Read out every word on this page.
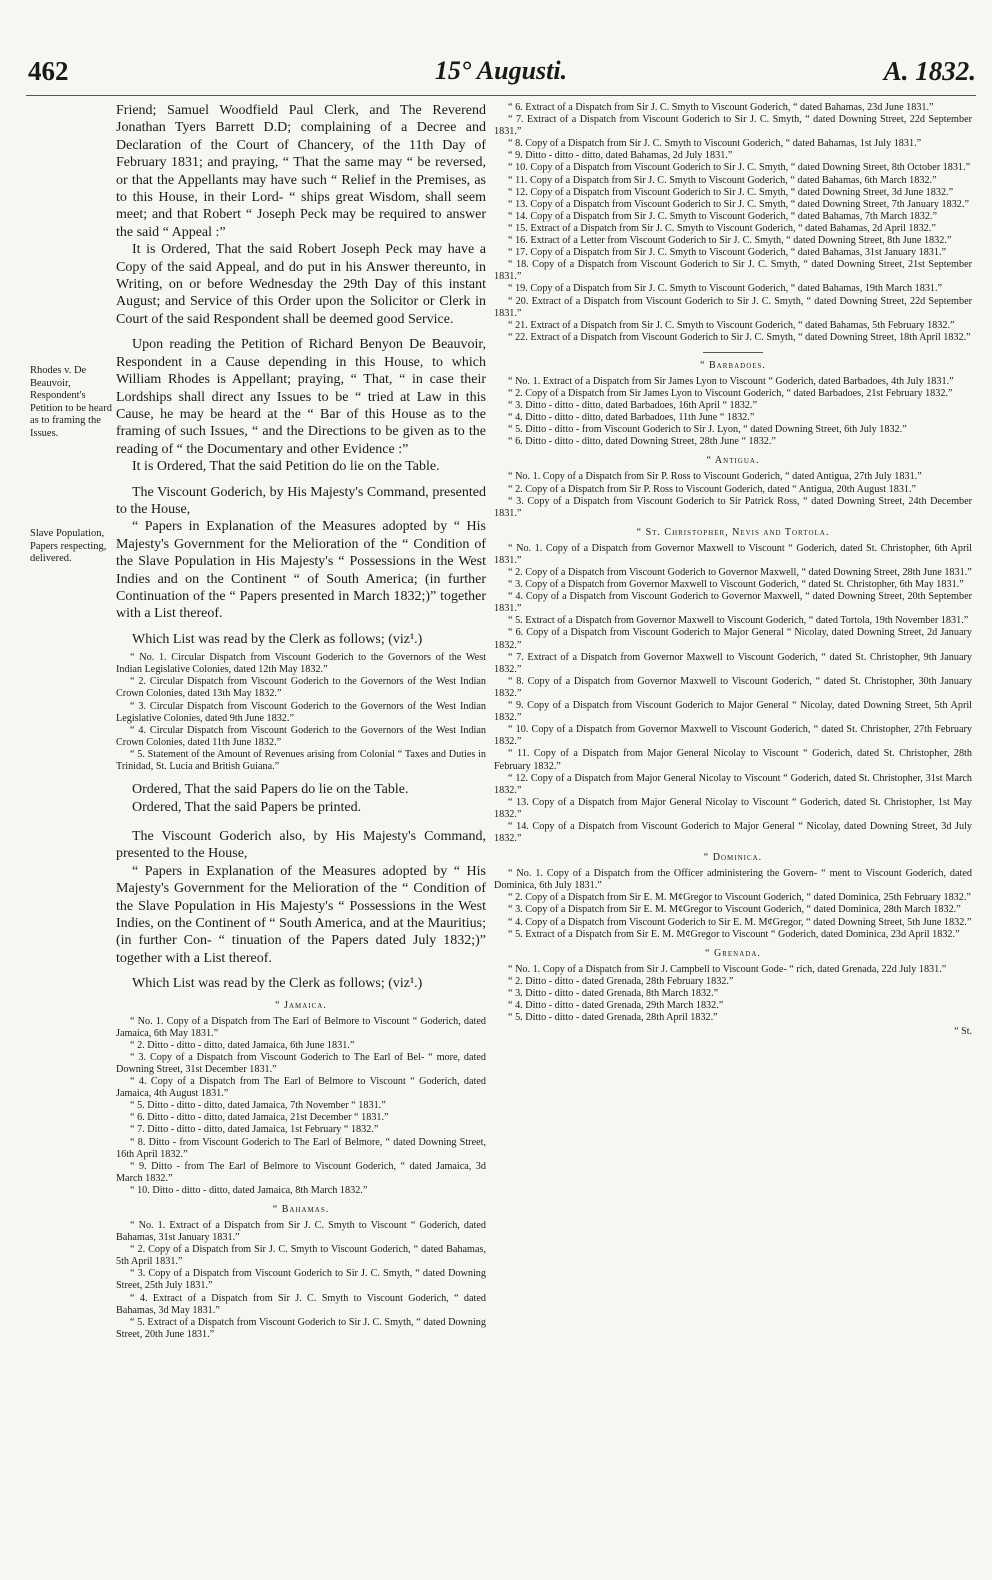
462	15° Augusti.	A. 1832.
Rhodes v. De Beauvoir, Respondent's Petition to be heard as to framing the Issues.
Slave Population, Papers respecting, delivered.

Friend; Samuel Woodfield Paul Clerk, and The Reverend Jonathan Tyers Barrett D.D; complaining of a Decree and Declaration of the Court of Chancery, of the 11th Day of February 1831; and praying, “ That the same may “ be reversed, or that the Appellants may have such “ Relief in the Premises, as to this House, in their Lord- “ ships great Wisdom, shall seem meet; and that Robert “ Joseph Peck may be required to answer the said “ Appeal :”

It is Ordered, That the said Robert Joseph Peck may have a Copy of the said Appeal, and do put in his Answer thereunto, in Writing, on or before Wednesday the 29th Day of this instant August; and Service of this Order upon the Solicitor or Clerk in Court of the said Respondent shall be deemed good Service.

Upon reading the Petition of Richard Benyon De Beauvoir, Respondent in a Cause depending in this House, to which William Rhodes is Appellant; praying, “ That, “ in case their Lordships shall direct any Issues to be “ tried at Law in this Cause, he may be heard at the “ Bar of this House as to the framing of such Issues, “ and the Directions to be given as to the reading of “ the Documentary and other Evidence :”

It is Ordered, That the said Petition do lie on the Table.

The Viscount Goderich, by His Majesty's Command, presented to the House,

“ Papers in Explanation of the Measures adopted by “ His Majesty's Government for the Melioration of the “ Condition of the Slave Population in His Majesty's “ Possessions in the West Indies and on the Continent “ of South America; (in further Continuation of the “ Papers presented in March 1832;)” together with a List thereof.

Which List was read by the Clerk as follows; (viz¹.)

“ No. 1. Circular Dispatch from Viscount Goderich to the Governors of the West Indian Legislative Colonies, dated 12th May 1832.”

“ 2. Circular Dispatch from Viscount Goderich to the Governors of the West Indian Crown Colonies, dated 13th May 1832.”

“ 3. Circular Dispatch from Viscount Goderich to the Governors of the West Indian Legislative Colonies, dated 9th June 1832.”

“ 4. Circular Dispatch from Viscount Goderich to the Governors of the West Indian Crown Colonies, dated 11th June 1832.”

“ 5. Statement of the Amount of Revenues arising from Colonial “ Taxes and Duties in Trinidad, St. Lucia and British Guiana.”

Ordered, That the said Papers do lie on the Table.

Ordered, That the said Papers be printed.

The Viscount Goderich also, by His Majesty's Command, presented to the House,

“ Papers in Explanation of the Measures adopted by “ His Majesty's Government for the Melioration of the “ Condition of the Slave Population in His Majesty's “ Possessions in the West Indies, on the Continent of “ South America, and at the Mauritius; (in further Con- “ tinuation of the Papers dated July 1832;)” together with a List thereof.

Which List was read by the Clerk as follows; (viz¹.)

“ Jamaica.

“ No. 1. Copy of a Dispatch from The Earl of Belmore to Viscount “ Goderich, dated Jamaica, 6th May 1831.”

“ 2. Ditto - ditto - ditto, dated Jamaica, 6th June 1831.”

“ 3. Copy of a Dispatch from Viscount Goderich to The Earl of Bel- “ more, dated Downing Street, 31st December 1831.”

“ 4. Copy of a Dispatch from The Earl of Belmore to Viscount “ Goderich, dated Jamaica, 4th August 1831.”

“ 5. Ditto - ditto - ditto, dated Jamaica, 7th November “ 1831.”

“ 6. Ditto - ditto - ditto, dated Jamaica, 21st December “ 1831.”

“ 7. Ditto - ditto - ditto, dated Jamaica, 1st February “ 1832.”

“ 8. Ditto - from Viscount Goderich to The Earl of Belmore, “ dated Downing Street, 16th April 1832.”

“ 9. Ditto - from The Earl of Belmore to Viscount Goderich, “ dated Jamaica, 3d March 1832.”

“ 10. Ditto - ditto - ditto, dated Jamaica, 8th March 1832.”

“ Bahamas.

“ No. 1. Extract of a Dispatch from Sir J. C. Smyth to Viscount “ Goderich, dated Bahamas, 31st January 1831.”

“ 2. Copy of a Dispatch from Sir J. C. Smyth to Viscount Goderich, “ dated Bahamas, 5th April 1831.”

“ 3. Copy of a Dispatch from Viscount Goderich to Sir J. C. Smyth, “ dated Downing Street, 25th July 1831.”

“ 4. Extract of a Dispatch from Sir J. C. Smyth to Viscount Goderich, “ dated Bahamas, 3d May 1831.”

“ 5. Extract of a Dispatch from Viscount Goderich to Sir J. C. Smyth, “ dated Downing Street, 20th June 1831.”

“ 6. Extract of a Dispatch from Sir J. C. Smyth to Viscount Goderich, “ dated Bahamas, 23d June 1831.”

“ 7. Extract of a Dispatch from Viscount Goderich to Sir J. C. Smyth, “ dated Downing Street, 22d September 1831.”

“ 8. Copy of a Dispatch from Sir J. C. Smyth to Viscount Goderich, “ dated Bahamas, 1st July 1831.”

“ 9. Ditto - ditto - ditto, dated Bahamas, 2d July 1831.”

“ 10. Copy of a Dispatch from Viscount Goderich to Sir J. C. Smyth, “ dated Downing Street, 8th October 1831.”

“ 11. Copy of a Dispatch from Sir J. C. Smyth to Viscount Goderich, “ dated Bahamas, 6th March 1832.”

“ 12. Copy of a Dispatch from Viscount Goderich to Sir J. C. Smyth, “ dated Downing Street, 3d June 1832.”

“ 13. Copy of a Dispatch from Viscount Goderich to Sir J. C. Smyth, “ dated Downing Street, 7th January 1832.”

“ 14. Copy of a Dispatch from Sir J. C. Smyth to Viscount Goderich, “ dated Bahamas, 7th March 1832.”

“ 15. Extract of a Dispatch from Sir J. C. Smyth to Viscount Goderich, “ dated Bahamas, 2d April 1832.”

“ 16. Extract of a Letter from Viscount Goderich to Sir J. C. Smyth, “ dated Downing Street, 8th June 1832.”

“ 17. Copy of a Dispatch from Sir J. C. Smyth to Viscount Goderich, “ dated Bahamas, 31st January 1831.”

“ 18. Copy of a Dispatch from Viscount Goderich to Sir J. C. Smyth, “ dated Downing Street, 21st September 1831.”

“ 19. Copy of a Dispatch from Sir J. C. Smyth to Viscount Goderich, “ dated Bahamas, 19th March 1831.”

“ 20. Extract of a Dispatch from Viscount Goderich to Sir J. C. Smyth, “ dated Downing Street, 22d September 1831.”

“ 21. Extract of a Dispatch from Sir J. C. Smyth to Viscount Goderich, “ dated Bahamas, 5th February 1832.”

“ 22. Extract of a Dispatch from Viscount Goderich to Sir J. C. Smyth, “ dated Downing Street, 18th April 1832.”

“ Barbadoes.

“ No. 1. Extract of a Dispatch from Sir James Lyon to Viscount “ Goderich, dated Barbadoes, 4th July 1831.”

“ 2. Copy of a Dispatch from Sir James Lyon to Viscount Goderich, “ dated Barbadoes, 21st February 1832.”

“ 3. Ditto - ditto - ditto, dated Barbadoes, 16th April “ 1832.”

“ 4. Ditto - ditto - ditto, dated Barbadoes, 11th June “ 1832.”

“ 5. Ditto - ditto - from Viscount Goderich to Sir J. Lyon, “ dated Downing Street, 6th July 1832.”

“ 6. Ditto - ditto - ditto, dated Downing Street, 28th June “ 1832.”

“ Antigua.

“ No. 1. Copy of a Dispatch from Sir P. Ross to Viscount Goderich, “ dated Antigua, 27th July 1831.”

“ 2. Copy of a Dispatch from Sir P. Ross to Viscount Goderich, dated “ Antigua, 20th August 1831.”

“ 3. Copy of a Dispatch from Viscount Goderich to Sir Patrick Ross, “ dated Downing Street, 24th December 1831.”

“ St. Christopher, Nevis and Tortola.

“ No. 1. Copy of a Dispatch from Governor Maxwell to Viscount “ Goderich, dated St. Christopher, 6th April 1831.”

“ 2. Copy of a Dispatch from Viscount Goderich to Governor Maxwell, “ dated Downing Street, 28th June 1831.”

“ 3. Copy of a Dispatch from Governor Maxwell to Viscount Goderich, “ dated St. Christopher, 6th May 1831.”

“ 4. Copy of a Dispatch from Viscount Goderich to Governor Maxwell, “ dated Downing Street, 20th September 1831.”

“ 5. Extract of a Dispatch from Governor Maxwell to Viscount Goderich, “ dated Tortola, 19th November 1831.”

“ 6. Copy of a Dispatch from Viscount Goderich to Major General “ Nicolay, dated Downing Street, 2d January 1832.”

“ 7. Extract of a Dispatch from Governor Maxwell to Viscount Goderich, “ dated St. Christopher, 9th January 1832.”

“ 8. Copy of a Dispatch from Governor Maxwell to Viscount Goderich, “ dated St. Christopher, 30th January 1832.”

“ 9. Copy of a Dispatch from Viscount Goderich to Major General “ Nicolay, dated Downing Street, 5th April 1832.”

“ 10. Copy of a Dispatch from Governor Maxwell to Viscount Goderich, “ dated St. Christopher, 27th February 1832.”

“ 11. Copy of a Dispatch from Major General Nicolay to Viscount “ Goderich, dated St. Christopher, 28th February 1832.”

“ 12. Copy of a Dispatch from Major General Nicolay to Viscount “ Goderich, dated St. Christopher, 31st March 1832.”

“ 13. Copy of a Dispatch from Major General Nicolay to Viscount “ Goderich, dated St. Christopher, 1st May 1832.”

“ 14. Copy of a Dispatch from Viscount Goderich to Major General “ Nicolay, dated Downing Street, 3d July 1832.”

“ Dominica.

“ No. 1. Copy of a Dispatch from the Officer administering the Govern- “ ment to Viscount Goderich, dated Dominica, 6th July 1831.”

“ 2. Copy of a Dispatch from Sir E. M. M¢Gregor to Viscount Goderich, “ dated Dominica, 25th February 1832.”

“ 3. Copy of a Dispatch from Sir E. M. M¢Gregor to Viscount Goderich, “ dated Dominica, 28th March 1832.”

“ 4. Copy of a Dispatch from Viscount Goderich to Sir E. M. M¢Gregor, “ dated Downing Street, 5th June 1832.”

“ 5. Extract of a Dispatch from Sir E. M. M¢Gregor to Viscount “ Goderich, dated Dominica, 23d April 1832.”

“ Grenada.

“ No. 1. Copy of a Dispatch from Sir J. Campbell to Viscount Gode- “ rich, dated Grenada, 22d July 1831.”

“ 2. Ditto - ditto - dated Grenada, 28th February 1832.”

“ 3. Ditto - ditto - dated Grenada, 8th March 1832.”

“ 4. Ditto - ditto - dated Grenada, 29th March 1832.”

“ 5. Ditto - ditto - dated Grenada, 28th April 1832.”

“ St.
